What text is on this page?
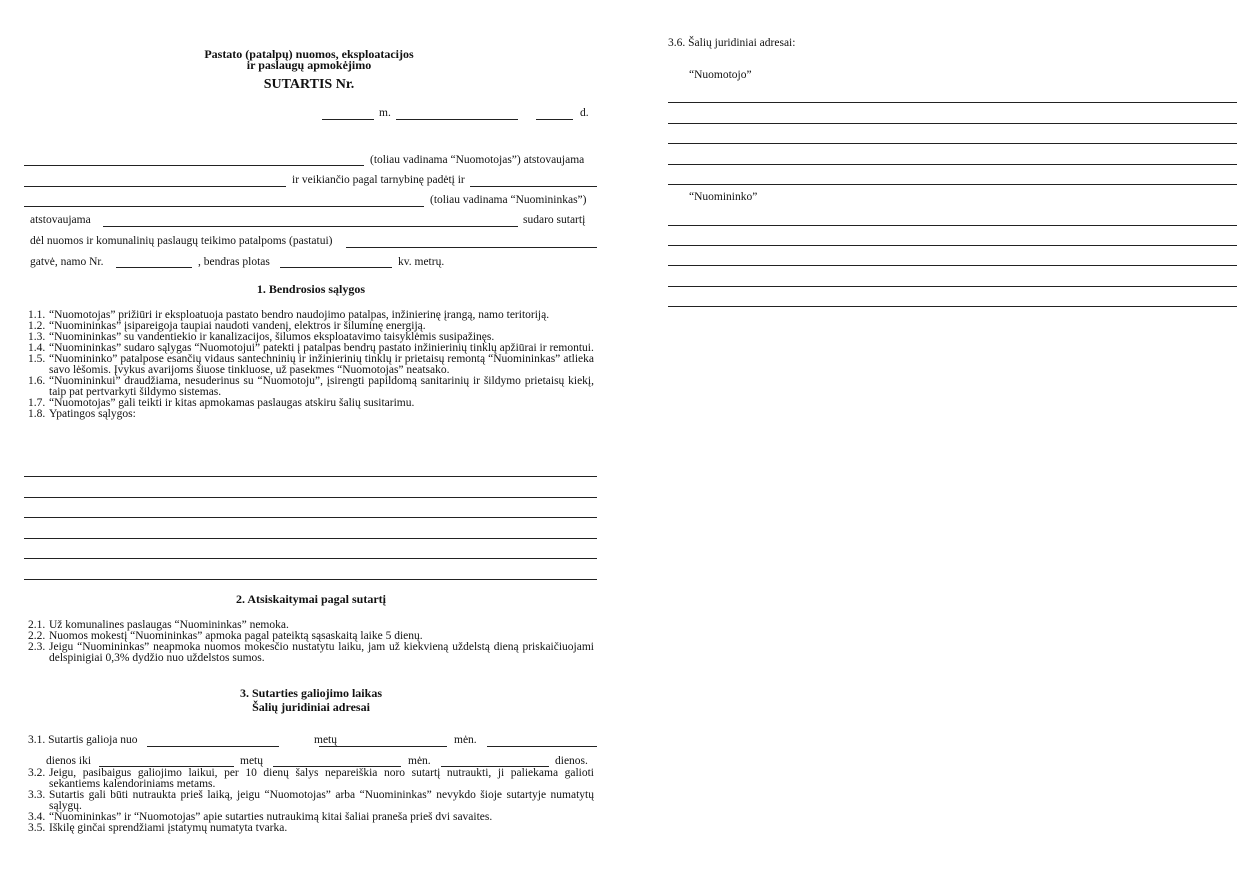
Pastato (patalpų) nuomos, eksploatacijos
ir paslaugų apmokėjimo
SUTARTIS Nr.
m.	d.
(toliau vadinama “Nuomotojas”) atstovaujama
ir veikiančio pagal tarnybinę padėtį ir
(toliau vadinama “Nuomininkas”)
atstovaujama	sudaro sutartį
dėl nuomos ir komunalinių paslaugų teikimo patalpoms (pastatui)
gatvė, namo Nr.	, bendras plotas	kv. metrų.
1. Bendrosios sąlygos
1.1. “Nuomotojas” prižiūri ir eksploatuoja pastato bendro naudojimo patalpas, inžinierinę įrangą, namo teritoriją.
1.2. “Nuomininkas” įsipareigoja taupiai naudoti vandenį, elektros ir šiluminę energiją.
1.3. “Nuomininkas” su vandentiekio ir kanalizacijos, šilumos eksploatavimo taisyklėmis susipažinęs.
1.4. “Nuomininkas” sudaro sąlygas “Nuomotojui” patekti į patalpas bendrų pastato inžinierinių tinklų apžiūrai ir remontui.
1.5. “Nuomininko” patalpose esančių vidaus santechninių ir inžinierinių tinklų ir prietaisų remontą “Nuomininkas” atlieka savo lėšomis. Įvykus avarijoms šiuose tinkluose, už pasekmes “Nuomotojas” neatsako.
1.6. “Nuomininkui” draudžiama, nesuderinus su “Nuomotoju”, įsirengti papildomą sanitarinių ir šildymo prietaisų kiekį, taip pat pertvarkyti šildymo sistemas.
1.7. “Nuomotojas” gali teikti ir kitas apmokamas paslaugas atskiru šalių susitarimu.
1.8. Ypatingos sąlygos:
2. Atsiskaitymai pagal sutartį
2.1. Už komunalines paslaugas “Nuomininkas” nemoka.
2.2. Nuomos mokestį “Nuomininkas” apmoka pagal pateiktą sąsaskaitą laike 5 dienų.
2.3. Jeigu “Nuomininkas” neapmoka nuomos mokesčio nustatytu laiku, jam už kiekvieną uždelstą dieną priskaičiuojami delspinigiai 0,3% dydžio nuo uždelstos sumos.
3. Sutarties galiojimo laikas
Šalių juridiniai adresai
3.1. Sutartis galioja nuo	metų	mėn.
dienos iki	metų	mėn.	dienos.
3.2. Jeigu, pasibaigus galiojimo laikui, per 10 dienų šalys nepareiškia noro sutartį nutraukti, ji paliekama galioti sekantiems kalendoriniams metams.
3.3. Sutartis gali būti nutraukta prieš laiką, jeigu “Nuomotojas” arba “Nuomininkas” nevykdo šioje sutartyje numatytų sąlygų.
3.4. “Nuomininkas” ir “Nuomotojas” apie sutarties nutraukimą kitai šaliai praneša prieš dvi savaites.
3.5. Iškilę ginčai sprendžiami įstatymų numatyta tvarka.
3.6. Šalių juridiniai adresai:
“Nuomotojo”
“Nuomininko”
